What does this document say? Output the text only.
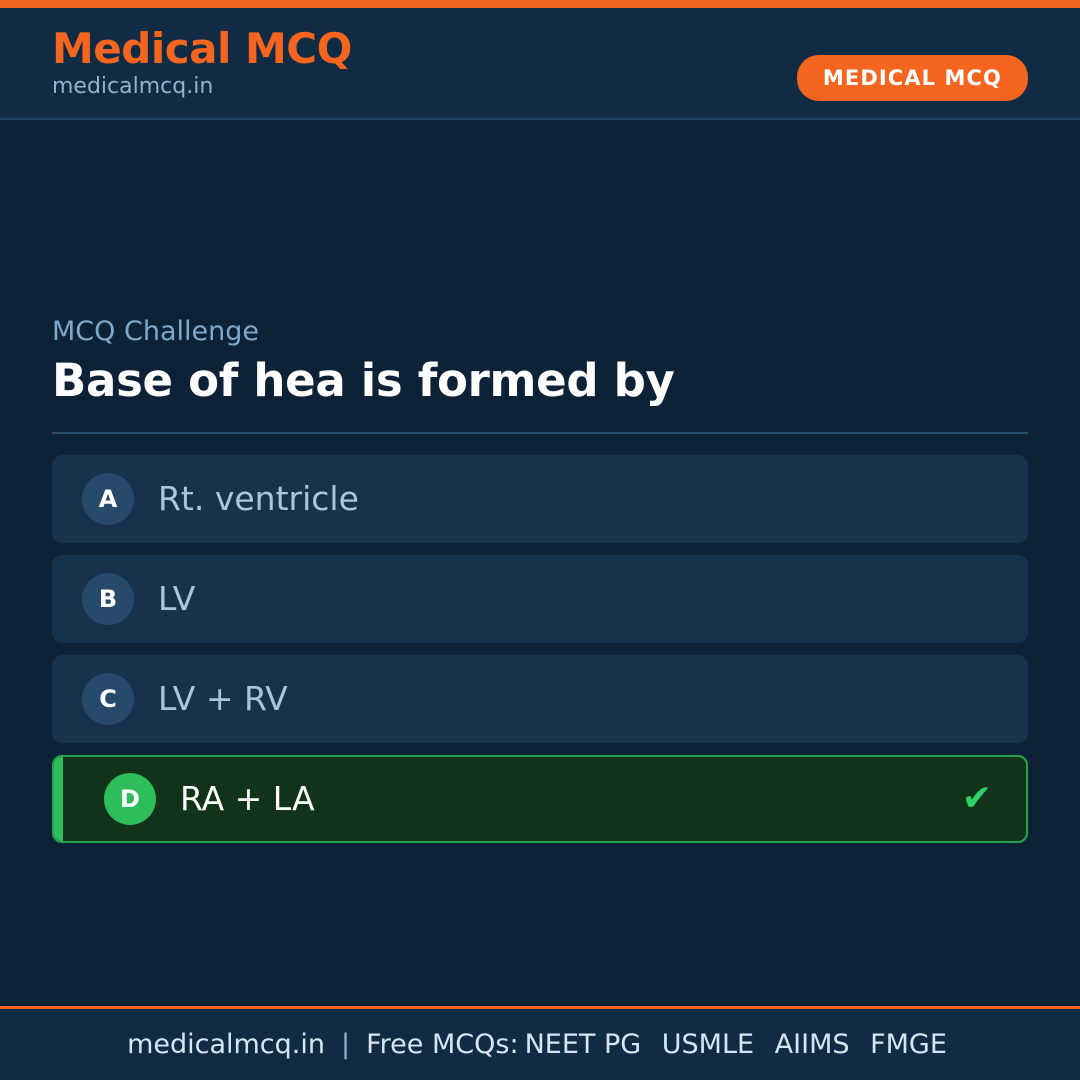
Medical MCQ
medicalmcq.in	MEDICAL MCQ
MCQ Challenge
Base of hea is formed by
A	Rt. ventricle
B	LV
C	LV + RV
D	RA + LA	✔
medicalmcq.in | Free MCQs: NEET PG USMLE AIIMS FMGE
